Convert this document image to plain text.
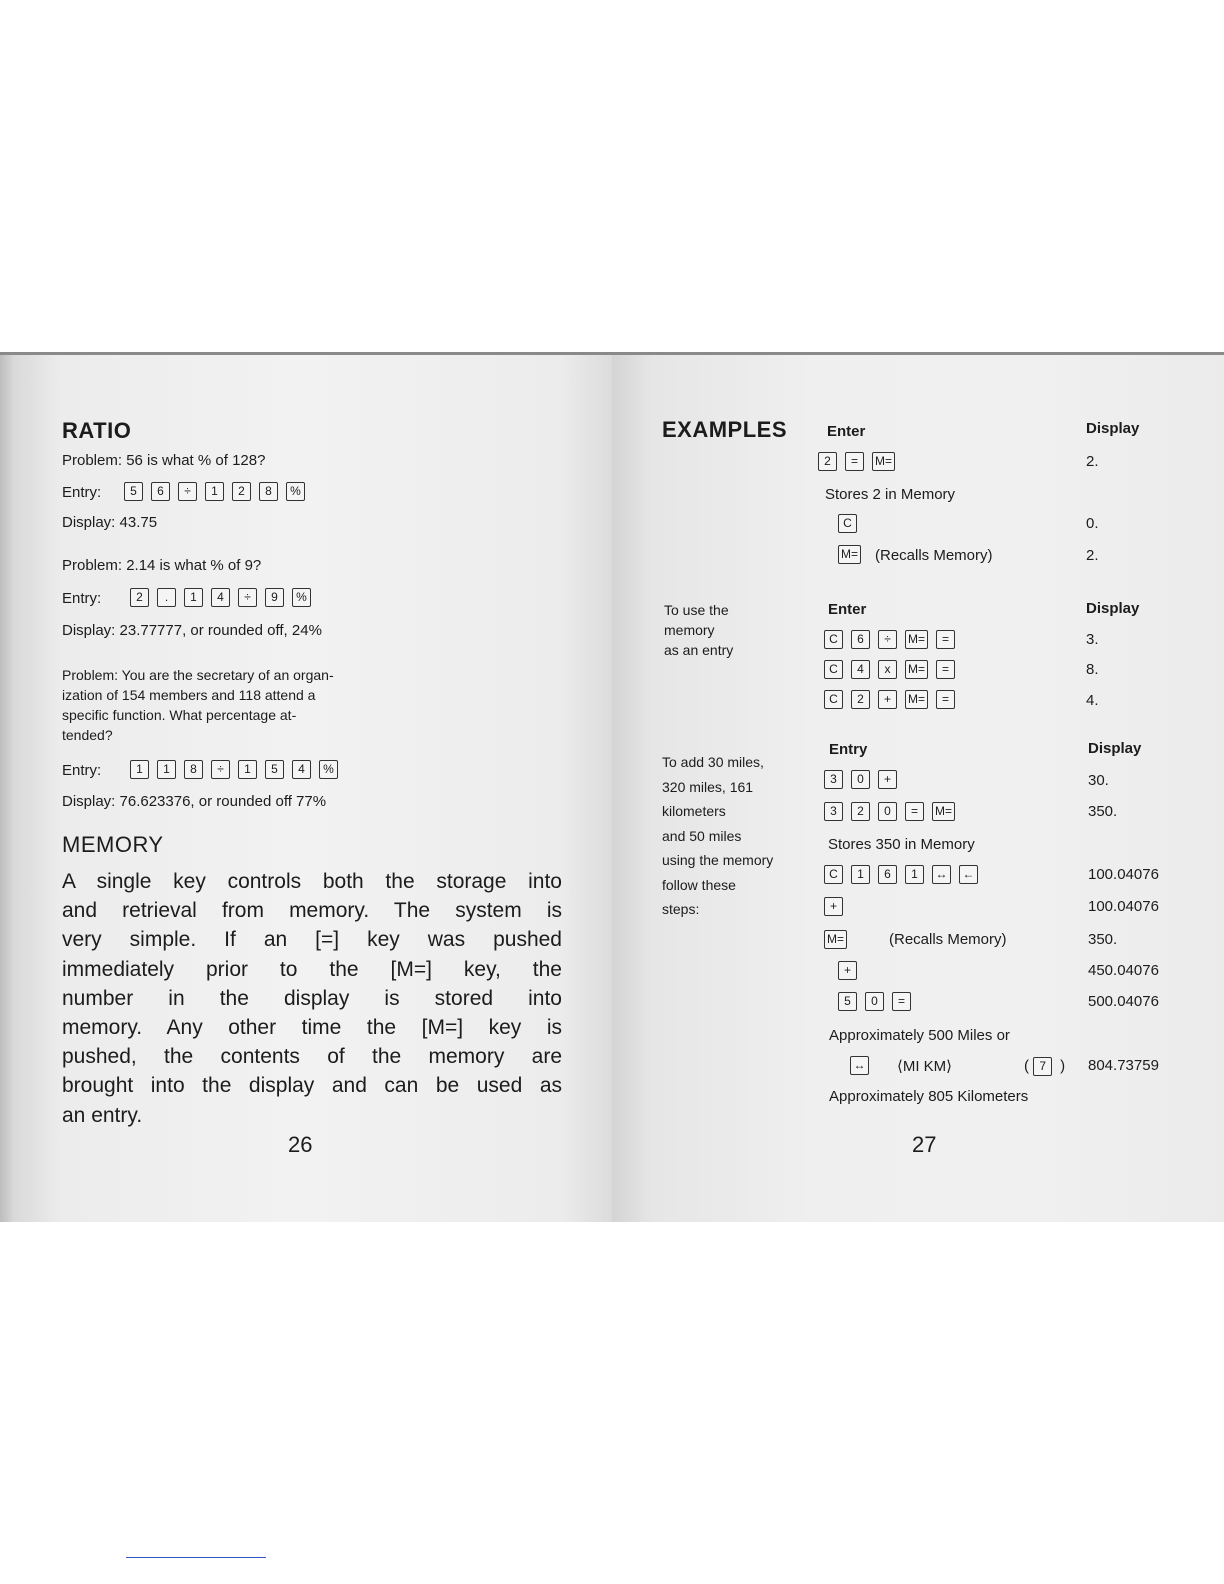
RATIO
Problem: 56 is what % of 128?
Entry:	5 6 ÷ 1 2 8 %
Display: 43.75
Problem: 2.14 is what % of 9?
Entry:	2 . 1 4 ÷ 9 %
Display: 23.77777, or rounded off, 24%
Problem: You are the secretary of an organ-
ization of 154 members and 118 attend a
specific function. What percentage at-
tended?
Entry:	1 1 8 ÷ 1 5 4 %
Display: 76.623376, or rounded off 77%
MEMORY
A single key controls both the storage into
and retrieval from memory. The system is
very simple. If an [=] key was pushed
immediately prior to the [M=] key, the
number in the display is stored into
memory. Any other time the [M=] key is
pushed, the contents of the memory are
brought into the display and can be used as
an entry.
26
EXAMPLES	Enter	Display
2 = M=	2.
Stores 2 in Memory
C	0.
M=	(Recalls Memory)	2.
To use the
memory
as an entry
Enter	Display
C 6 ÷ M= =	3.
C 4 x M= =	8.
C 2 + M= =	4.
To add 30 miles,
320 miles, 161
kilometers
and 50 miles
using the memory
follow these
steps:
Entry	Display
3 0 +	30.
3 2 0 = M=	350.
Stores 350 in Memory
C 1 6 1 ↔ ←	100.04076
+	100.04076
M=	(Recalls Memory)	350.
+	450.04076
5 0 =	500.04076
Approximately 500 Miles or
↔	⟨MI KM⟩	( 7 ) 804.73759
Approximately 805 Kilometers
27
